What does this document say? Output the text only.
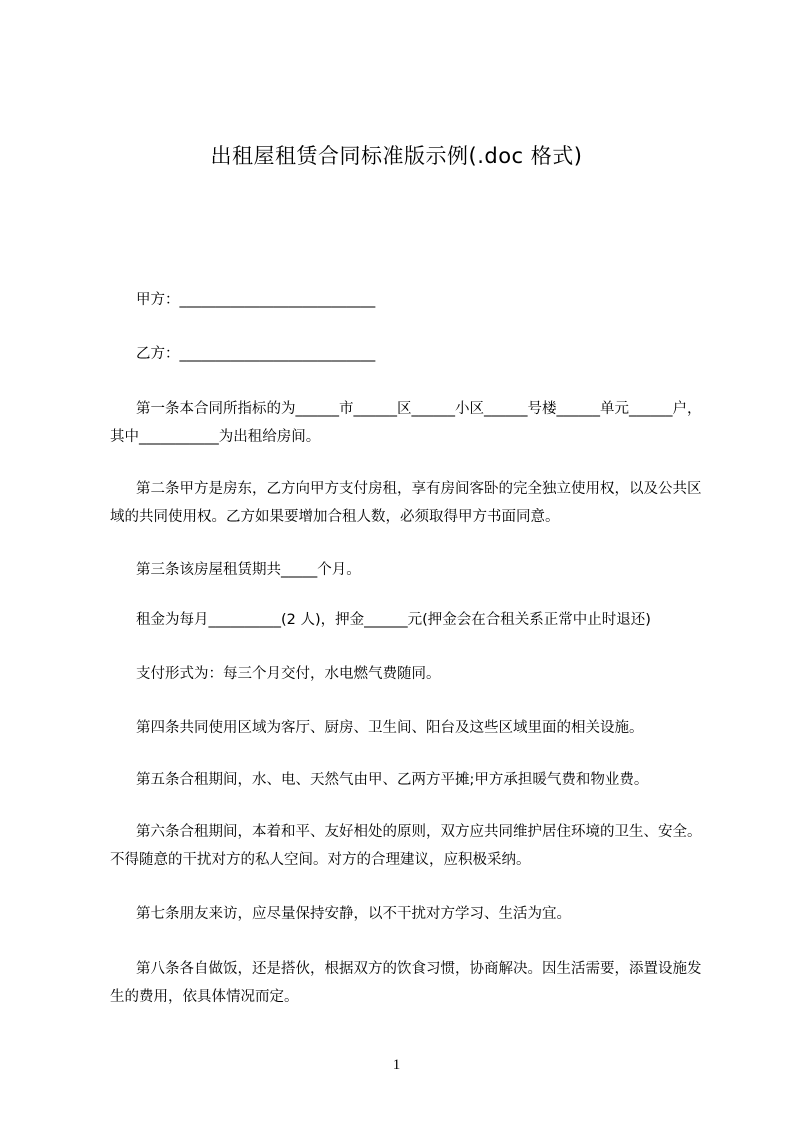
出租屋租赁合同标准版示例(.doc 格式)
甲方：___________________________
乙方：___________________________
第一条本合同所指标的为______市______区______小区______号楼______单元______户，其中___________为出租给房间。
第二条甲方是房东，乙方向甲方支付房租，享有房间客卧的完全独立使用权，以及公共区域的共同使用权。乙方如果要增加合租人数，必须取得甲方书面同意。
第三条该房屋租赁期共_____个月。
租金为每月__________(2 人)，押金______元(押金会在合租关系正常中止时退还)
支付形式为：每三个月交付，水电燃气费随同。
第四条共同使用区域为客厅、厨房、卫生间、阳台及这些区域里面的相关设施。
第五条合租期间，水、电、天然气由甲、乙两方平摊;甲方承担暖气费和物业费。
第六条合租期间，本着和平、友好相处的原则，双方应共同维护居住环境的卫生、安全。不得随意的干扰对方的私人空间。对方的合理建议，应积极采纳。
第七条朋友来访，应尽量保持安静，以不干扰对方学习、生活为宜。
第八条各自做饭，还是搭伙，根据双方的饮食习惯，协商解决。因生活需要，添置设施发生的费用，依具体情况而定。
1
